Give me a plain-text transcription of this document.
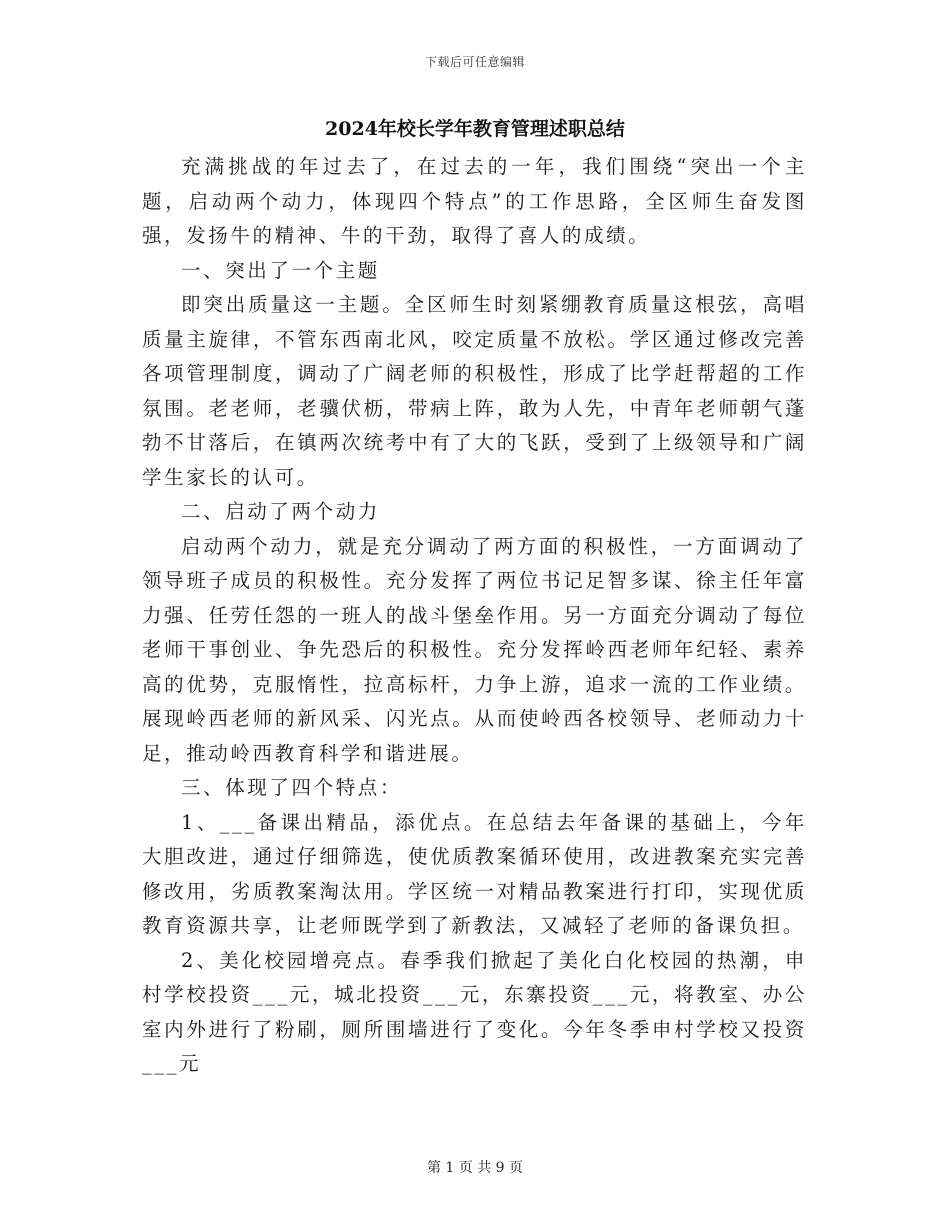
下载后可任意编辑
2024年校长学年教育管理述职总结

充满挑战的年过去了，在过去的一年，我们围绕“突出一个主题，启动两个动力，体现四个特点”的工作思路，全区师生奋发图强，发扬牛的精神、牛的干劲，取得了喜人的成绩。

一、突出了一个主题

即突出质量这一主题。全区师生时刻紧绷教育质量这根弦，高唱质量主旋律，不管东西南北风，咬定质量不放松。学区通过修改完善各项管理制度，调动了广阔老师的积极性，形成了比学赶帮超的工作氛围。老老师，老骥伏枥，带病上阵，敢为人先，中青年老师朝气蓬勃不甘落后，在镇两次统考中有了大的飞跃，受到了上级领导和广阔学生家长的认可。

二、启动了两个动力

启动两个动力，就是充分调动了两方面的积极性，一方面调动了领导班子成员的积极性。充分发挥了两位书记足智多谋、徐主任年富力强、任劳任怨的一班人的战斗堡垒作用。另一方面充分调动了每位老师干事创业、争先恐后的积极性。充分发挥岭西老师年纪轻、素养高的优势，克服惰性，拉高标杆，力争上游，追求一流的工作业绩。展现岭西老师的新风采、闪光点。从而使岭西各校领导、老师动力十足，推动岭西教育科学和谐进展。

三、体现了四个特点：

1、___备课出精品，添优点。在总结去年备课的基础上，今年大胆改进，通过仔细筛选，使优质教案循环使用，改进教案充实完善修改用，劣质教案淘汰用。学区统一对精品教案进行打印，实现优质教育资源共享，让老师既学到了新教法，又减轻了老师的备课负担。

2、美化校园增亮点。春季我们掀起了美化白化校园的热潮，申村学校投资___元，城北投资___元，东寨投资___元，将教室、办公室内外进行了粉刷，厕所围墙进行了变化。今年冬季申村学校又投资___元

第 1 页 共 9 页
